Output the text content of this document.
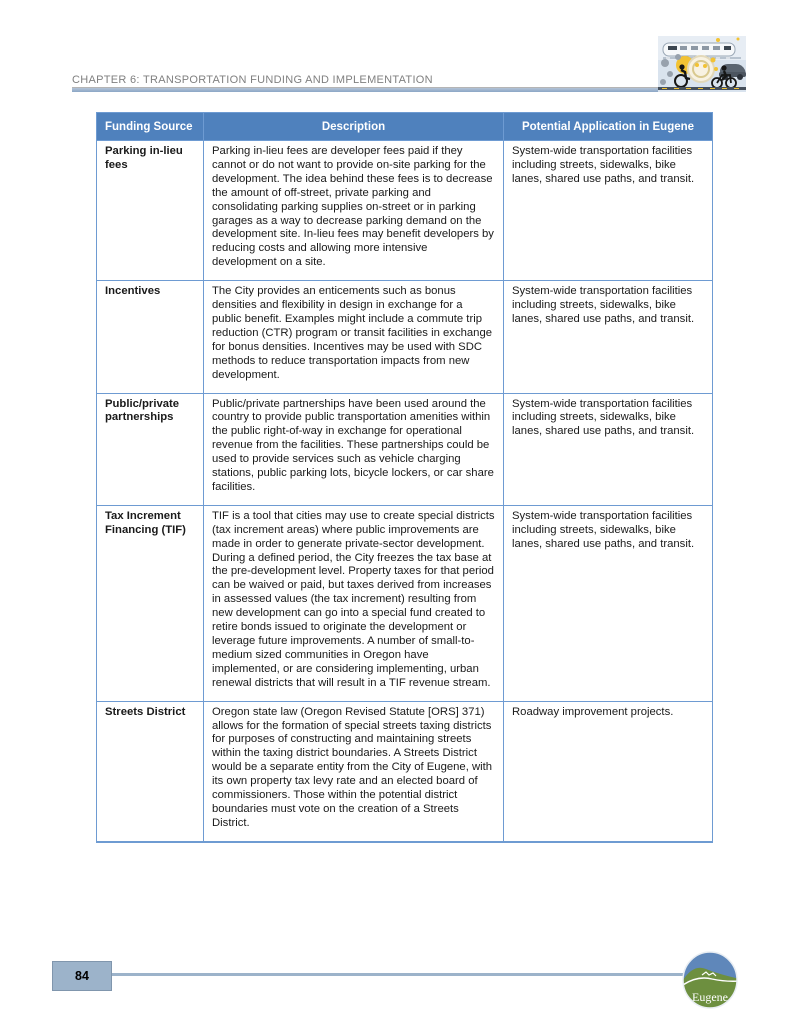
CHAPTER 6: TRANSPORTATION FUNDING AND IMPLEMENTATION
Funding Source	Description	Potential Application in Eugene
Parking in-lieu fees	Parking in-lieu fees are developer fees paid if they cannot or do not want to provide on-site parking for the development. The idea behind these fees is to decrease the amount of off-street, private parking and consolidating parking supplies on-street or in parking garages as a way to decrease parking demand on the development site. In-lieu fees may benefit developers by reducing costs and allowing more intensive development on a site.	System-wide transportation facilities including streets, sidewalks, bike lanes, shared use paths, and transit.
Incentives	The City provides an enticements such as bonus densities and flexibility in design in exchange for a public benefit. Examples might include a commute trip reduction (CTR) program or transit facilities in exchange for bonus densities. Incentives may be used with SDC methods to reduce transportation impacts from new development.	System-wide transportation facilities including streets, sidewalks, bike lanes, shared use paths, and transit.
Public/private partnerships	Public/private partnerships have been used around the country to provide public transportation amenities within the public right-of-way in exchange for operational revenue from the facilities. These partnerships could be used to provide services such as vehicle charging stations, public parking lots, bicycle lockers, or car share facilities.	System-wide transportation facilities including streets, sidewalks, bike lanes, shared use paths, and transit.
Tax Increment Financing (TIF)	TIF is a tool that cities may use to create special districts (tax increment areas) where public improvements are made in order to generate private-sector development. During a defined period, the City freezes the tax base at the pre-development level. Property taxes for that period can be waived or paid, but taxes derived from increases in assessed values (the tax increment) resulting from new development can go into a special fund created to retire bonds issued to originate the development or leverage future improvements. A number of small-to-medium sized communities in Oregon have implemented, or are considering implementing, urban renewal districts that will result in a TIF revenue stream.	System-wide transportation facilities including streets, sidewalks, bike lanes, shared use paths, and transit.
Streets District	Oregon state law (Oregon Revised Statute [ORS] 371) allows for the formation of special streets taxing districts for purposes of constructing and maintaining streets within the taxing district boundaries. A Streets District would be a separate entity from the City of Eugene, with its own property tax levy rate and an elected board of commissioners. Those within the potential district boundaries must vote on the creation of a Streets District.	Roadway improvement projects.
84
Eugene
